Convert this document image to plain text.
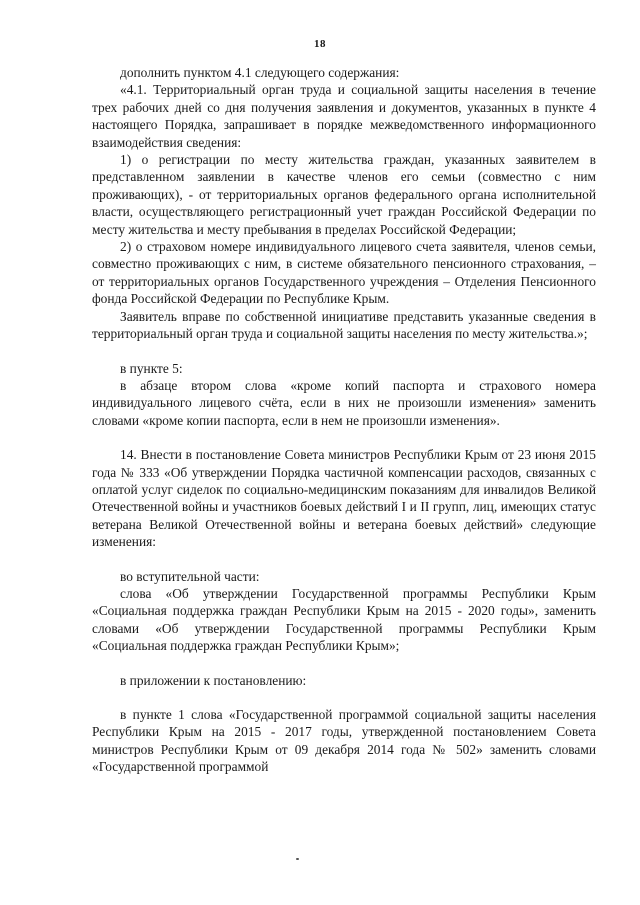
18

дополнить пунктом 4.1 следующего содержания:

«4.1. Территориальный орган труда и социальной защиты населения в течение трех рабочих дней со дня получения заявления и документов, указанных в пункте 4 настоящего Порядка, запрашивает в порядке межведомственного информационного взаимодействия сведения:

1) о регистрации по месту жительства граждан, указанных заявителем в представленном заявлении в качестве членов его семьи (совместно с ним проживающих), - от территориальных органов федерального органа исполнительной власти, осуществляющего регистрационный учет граждан Российской Федерации по месту жительства и месту пребывания в пределах Российской Федерации;

2) о страховом номере индивидуального лицевого счета заявителя, членов семьи, совместно проживающих с ним, в системе обязательного пенсионного страхования, – от территориальных органов Государственного учреждения – Отделения Пенсионного фонда Российской Федерации по Республике Крым.

Заявитель вправе по собственной инициативе представить указанные сведения в территориальный орган труда и социальной защиты населения по месту жительства.»;

в пункте 5:

в абзаце втором слова «кроме копий паспорта и страхового номера индивидуального лицевого счёта, если в них не произошли изменения» заменить словами «кроме копии паспорта, если в нем не произошли изменения».

14. Внести в постановление Совета министров Республики Крым от 23 июня 2015 года № 333 «Об утверждении Порядка частичной компенсации расходов, связанных с оплатой услуг сиделок по социально-медицинским показаниям для инвалидов Великой Отечественной войны и участников боевых действий I и II групп, лиц, имеющих статус ветерана Великой Отечественной войны и ветерана боевых действий» следующие изменения:

во вступительной части:

слова «Об утверждении Государственной программы Республики Крым «Социальная поддержка граждан Республики Крым на 2015 - 2020 годы», заменить словами «Об утверждении Государственной программы Республики Крым «Социальная поддержка граждан Республики Крым»;

в приложении к постановлению:

в пункте 1 слова «Государственной программой социальной защиты населения Республики Крым на 2015 - 2017 годы, утвержденной постановлением Совета министров Республики Крым от 09 декабря 2014 года № 502» заменить словами «Государственной программой
